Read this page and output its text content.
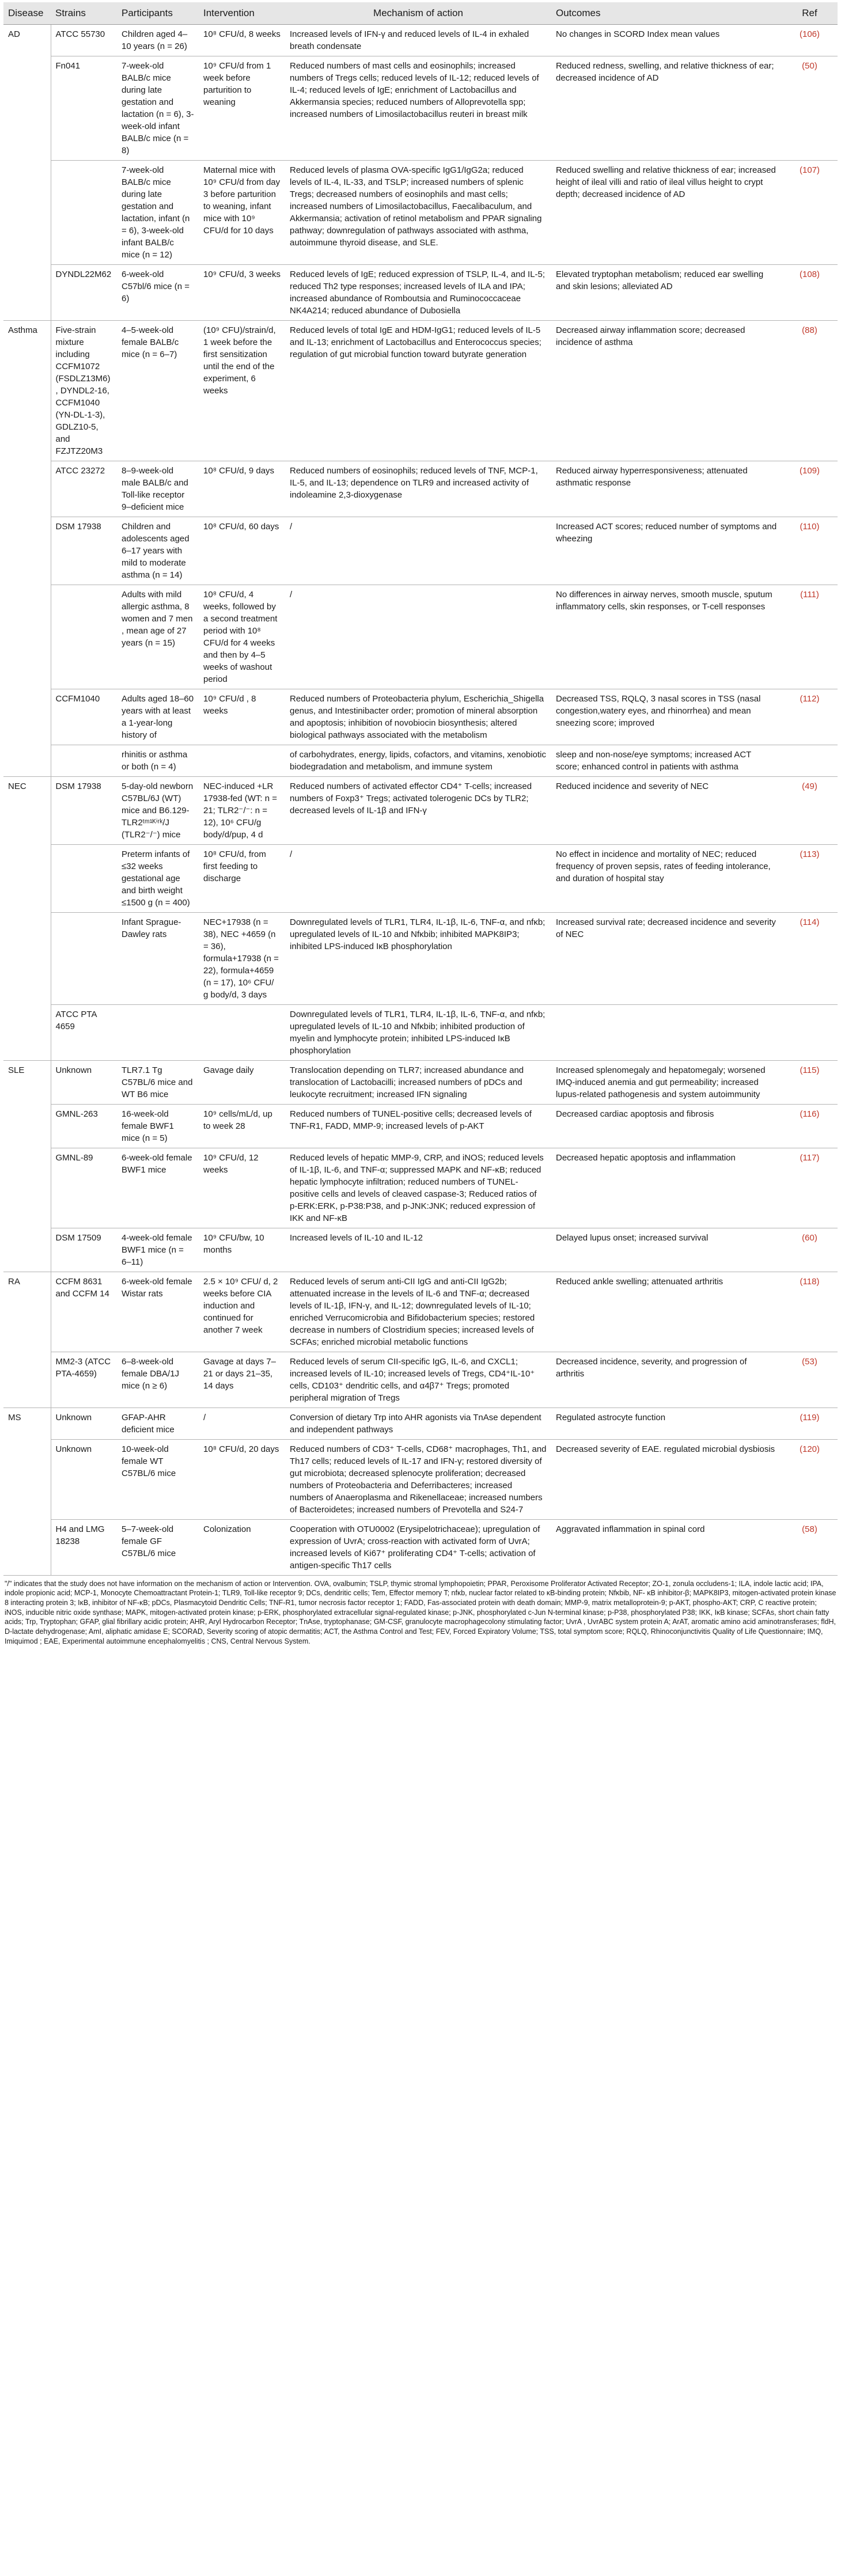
Disease	Strains	Participants	Intervention	Mechanism of action	Outcomes	Ref
AD	ATCC 55730	Children aged 4–10 years (n = 26)	10⁸ CFU/d, 8 weeks	Increased levels of IFN-γ and reduced levels of IL-4 in exhaled breath condensate	No changes in SCORD Index mean values	(106)
	Fn041	7-week-old BALB/c mice during late gestation and lactation (n = 6), 3-week-old infant BALB/c mice (n = 8)	10⁹ CFU/d from 1 week before parturition to weaning	Reduced numbers of mast cells and eosinophils; increased numbers of Tregs cells; reduced levels of IL-12; reduced levels of IL-4; reduced levels of IgE; enrichment of Lactobacillus and Akkermansia species; reduced numbers of Alloprevotella spp; increased numbers of Limosilactobacillus reuteri in breast milk	Reduced redness, swelling, and relative thickness of ear; decreased incidence of AD	(50)
		7-week-old BALB/c mice during late gestation and lactation, infant (n = 6), 3-week-old infant BALB/c mice (n = 12)	Maternal mice with 10⁹ CFU/d from day 3 before parturition to weaning, infant mice with 10⁹ CFU/d for 10 days	Reduced levels of plasma OVA-specific IgG1/IgG2a; reduced levels of IL-4, IL-33, and TSLP; increased numbers of splenic Tregs; decreased numbers of eosinophils and mast cells; increased numbers of Limosilactobacillus, Faecalibaculum, and Akkermansia; activation of retinol metabolism and PPAR signaling pathway; downregulation of pathways associated with asthma, autoimmune thyroid disease, and SLE.	Reduced swelling and relative thickness of ear; increased height of ileal villi and ratio of ileal villus height to crypt depth; decreased incidence of AD	(107)
	DYNDL22M62	6-week-old C57bl/6 mice (n = 6)	10⁹ CFU/d, 3 weeks	Reduced levels of IgE; reduced expression of TSLP, IL-4, and IL-5; reduced Th2 type responses; increased levels of ILA and IPA; increased abundance of Romboutsia and Ruminococcaceae NK4A214; reduced abundance of Dubosiella	Elevated tryptophan metabolism; reduced ear swelling and skin lesions; alleviated AD	(108)
Asthma	Five-strain mixture including CCFM1072 (FSDLZ13M6), DYNDL2-16, CCFM1040 (YN-DL-1-3), GDLZ10-5, and FZJTZ20M3	4–5-week-old female BALB/c mice (n = 6–7)	(10⁹ CFU)/strain/d, 1 week before the first sensitization until the end of the experiment, 6 weeks	Reduced levels of total IgE and HDM-IgG1; reduced levels of IL-5 and IL-13; enrichment of Lactobacillus and Enterococcus species; regulation of gut microbial function toward butyrate generation	Decreased airway inflammation score; decreased incidence of asthma	(88)
	ATCC 23272	8–9-week-old male BALB/c and Toll-like receptor 9–deficient mice	10⁸ CFU/d, 9 days	Reduced numbers of eosinophils; reduced levels of TNF, MCP-1, IL-5, and IL-13; dependence on TLR9 and increased activity of indoleamine 2,3-dioxygenase	Reduced airway hyperresponsiveness; attenuated asthmatic response	(109)
	DSM 17938	Children and adolescents aged 6–17 years with mild to moderate asthma (n = 14)	10⁸ CFU/d, 60 days	/	Increased ACT scores; reduced number of symptoms and wheezing	(110)
		Adults with mild allergic asthma, 8 women and 7 men , mean age of 27 years (n = 15)	10⁸ CFU/d, 4 weeks, followed by a second treatment period with 10⁸ CFU/d for 4 weeks and then by 4–5 weeks of washout period	/	No differences in airway nerves, smooth muscle, sputum inflammatory cells, skin responses, or T-cell responses	(111)
	CCFM1040	Adults aged 18–60 years with at least a 1-year-long history of	10⁹ CFU/d , 8 weeks	Reduced numbers of Proteobacteria phylum, Escherichia_Shigella genus, and Intestinibacter order; promotion of mineral absorption and apoptosis; inhibition of novobiocin biosynthesis; altered biological pathways associated with the metabolism	Decreased TSS, RQLQ, 3 nasal scores in TSS (nasal congestion,watery eyes, and rhinorrhea) and mean sneezing score; improved	(112)
		rhinitis or asthma or both (n = 4)		of carbohydrates, energy, lipids, cofactors, and vitamins, xenobiotic biodegradation and metabolism, and immune system	sleep and non-nose/eye symptoms; increased ACT score; enhanced control in patients with asthma	
NEC	DSM 17938	5-day-old newborn C57BL/6J (WT) mice and B6.129-TLR2ᵗᵐ¹ᴷⁱʳᵏ/J (TLR2⁻/⁻) mice	NEC-induced +LR 17938-fed (WT: n = 21; TLR2⁻/⁻: n = 12), 10⁶ CFU/g body/d/pup, 4 d	Reduced numbers of activated effector CD4⁺ T-cells; increased numbers of Foxp3⁺ Tregs; activated tolerogenic DCs by TLR2; decreased levels of IL-1β and IFN-γ	Reduced incidence and severity of NEC	(49)
		Preterm infants of ≤32 weeks gestational age and birth weight ≤1500 g (n = 400)	10⁸ CFU/d, from first feeding to discharge	/	No effect in incidence and mortality of NEC; reduced frequency of proven sepsis, rates of feeding intolerance, and duration of hospital stay	(113)
		Infant Sprague-Dawley rats	NEC+17938 (n = 38), NEC +4659 (n = 36), formula+17938 (n = 22), formula+4659 (n = 17), 10⁶ CFU/ g body/d, 3 days	Downregulated levels of TLR1, TLR4, IL-1β, IL-6, TNF-α, and nfκb; upregulated levels of IL-10 and Nfκbib; inhibited MAPK8IP3; inhibited LPS-induced IκB phosphorylation	Increased survival rate; decreased incidence and severity of NEC	(114)
	ATCC PTA 4659			Downregulated levels of TLR1, TLR4, IL-1β, IL-6, TNF-α, and nfκb; upregulated levels of IL-10 and Nfκbib; inhibited production of myelin and lymphocyte protein; inhibited LPS-induced IκB phosphorylation		
SLE	Unknown	TLR7.1 Tg C57BL/6 mice and WT B6 mice	Gavage daily	Translocation depending on TLR7; increased abundance and translocation of Lactobacilli; increased numbers of pDCs and leukocyte recruitment; increased IFN signaling	Increased splenomegaly and hepatomegaly; worsened IMQ-induced anemia and gut permeability; increased lupus-related pathogenesis and system autoimmunity	(115)
	GMNL-263	16-week-old female BWF1 mice (n = 5)	10⁹ cells/mL/d, up to week 28	Reduced numbers of TUNEL-positive cells; decreased levels of TNF-R1, FADD, MMP-9; increased levels of p-AKT	Decreased cardiac apoptosis and fibrosis	(116)
	GMNL-89	6-week-old female BWF1 mice	10⁹ CFU/d, 12 weeks	Reduced levels of hepatic MMP-9, CRP, and iNOS; reduced levels of IL-1β, IL-6, and TNF-α; suppressed MAPK and NF-κB; reduced hepatic lymphocyte infiltration; reduced numbers of TUNEL-positive cells and levels of cleaved caspase-3; Reduced ratios of p-ERK:ERK, p-P38:P38, and p-JNK:JNK; reduced expression of IKK and NF-κB	Decreased hepatic apoptosis and inflammation	(117)
	DSM 17509	4-week-old female BWF1 mice (n = 6–11)	10⁹ CFU/bw, 10 months	Increased levels of IL-10 and IL-12	Delayed lupus onset; increased survival	(60)
RA	CCFM 8631 and CCFM 14	6-week-old female Wistar rats	2.5 × 10⁹ CFU/ d, 2 weeks before CIA induction and continued for another 7 week	Reduced levels of serum anti-CII IgG and anti-CII IgG2b; attenuated increase in the levels of IL-6 and TNF-α; decreased levels of IL-1β, IFN-γ, and IL-12; downregulated levels of IL-10; enriched Verrucomicrobia and Bifidobacterium species; restored decrease in numbers of Clostridium species; increased levels of SCFAs; enriched microbial metabolic functions	Reduced ankle swelling; attenuated arthritis	(118)
	MM2-3 (ATCC PTA-4659)	6–8-week-old female DBA/1J mice (n ≥ 6)	Gavage at days 7–21 or days 21–35, 14 days	Reduced levels of serum CII-specific IgG, IL-6, and CXCL1; increased levels of IL-10; increased levels of Tregs, CD4⁺IL-10⁺ cells, CD103⁺ dendritic cells, and α4β7⁺ Tregs; promoted peripheral migration of Tregs	Decreased incidence, severity, and progression of arthritis	(53)
MS	Unknown	GFAP-AHR deficient mice	/	Conversion of dietary Trp into AHR agonists via TnAse dependent and independent pathways	Regulated astrocyte function	(119)
	Unknown	10-week-old female WT C57BL/6 mice	10⁸ CFU/d, 20 days	Reduced numbers of CD3⁺ T-cells, CD68⁺ macrophages, Th1, and Th17 cells; reduced levels of IL-17 and IFN-γ; restored diversity of gut microbiota; decreased splenocyte proliferation; decreased numbers of Proteobacteria and Deferribacteres; increased numbers of Anaeroplasma and Rikenellaceae; increased numbers of Bacteroidetes; increased numbers of Prevotella and S24-7	Decreased severity of EAE. regulated microbial dysbiosis	(120)
	H4 and LMG 18238	5–7-week-old female GF C57BL/6 mice	Colonization	Cooperation with OTU0002 (Erysipelotrichaceae); upregulation of expression of UvrA; cross-reaction with activated form of UvrA; increased levels of Ki67⁺ proliferating CD4⁺ T-cells; activation of antigen-specific Th17 cells	Aggravated inflammation in spinal cord	(58)
"/" indicates that the study does not have information on the mechanism of action or Intervention. OVA, ovalbumin; TSLP, thymic stromal lymphopoietin; PPAR, Peroxisome Proliferator Activated Receptor; ZO-1, zonula occludens-1; ILA, indole lactic acid; IPA, indole propionic acid; MCP-1, Monocyte Chemoattractant Protein-1; TLR9, Toll-like receptor 9; DCs, dendritic cells; Tem, Effector memory T; nfκb, nuclear factor related to κB-binding protein; Nfκbib, NF- κB inhibitor-β; MAPK8IP3, mitogen-activated protein kinase 8 interacting protein 3; IκB, inhibitor of NF-κB; pDCs, Plasmacytoid Dendritic Cells; TNF-R1, tumor necrosis factor receptor 1; FADD, Fas-associated protein with death domain; MMP-9, matrix metalloprotein-9; p-AKT, phospho-AKT; CRP, C reactive protein; iNOS, inducible nitric oxide synthase; MAPK, mitogen-activated protein kinase; p-ERK, phosphorylated extracellular signal-regulated kinase; p-JNK, phosphorylated c-Jun N-terminal kinase; p-P38, phosphorylated P38; IKK, IκB kinase; SCFAs, short chain fatty acids; Trp, Tryptophan; GFAP, glial fibrillary acidic protein; AHR, Aryl Hydrocarbon Receptor; TnAse, tryptophanase; GM-CSF, granulocyte macrophagecolony stimulating factor; UvrA , UvrABC system protein A; ArAT, aromatic amino acid aminotransferases; fldH, D-lactate dehydrogenase; AmI, aliphatic amidase E; SCORAD, Severity scoring of atopic dermatitis; ACT, the Asthma Control and Test; FEV, Forced Expiratory Volume; TSS, total symptom score; RQLQ, Rhinoconjunctivitis Quality of Life Questionnaire; IMQ, Imiquimod ; EAE, Experimental autoimmune encephalomyelitis ; CNS, Central Nervous System.
